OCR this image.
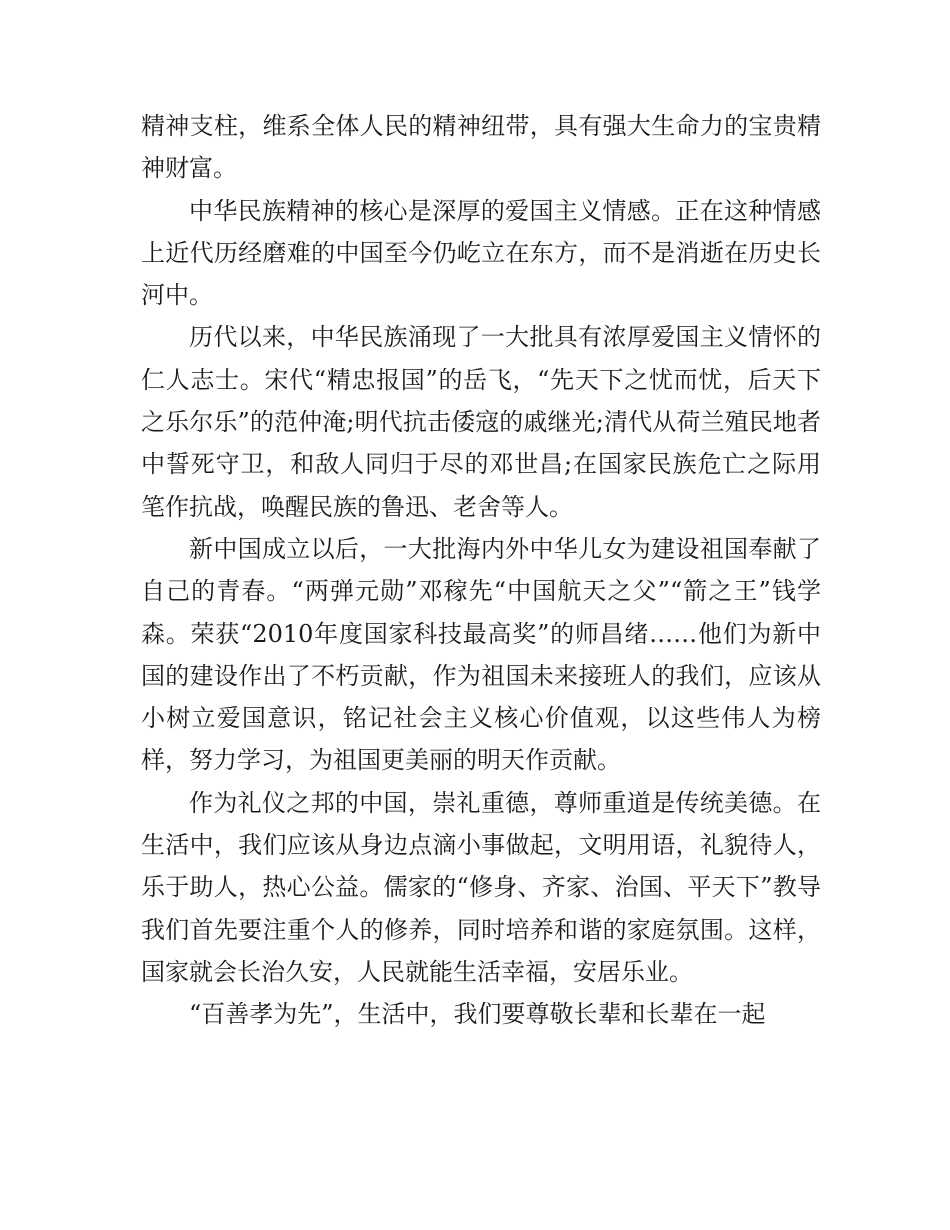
精神支柱，维系全体人民的精神纽带，具有强大生命力的宝贵精神财富。

中华民族精神的核心是深厚的爱国主义情感。正在这种情感上近代历经磨难的中国至今仍屹立在东方，而不是消逝在历史长河中。

历代以来，中华民族涌现了一大批具有浓厚爱国主义情怀的仁人志士。宋代“精忠报国”的岳飞，“先天下之忧而忧，后天下之乐尔乐”的范仲淹;明代抗击倭寇的戚继光;清代从荷兰殖民地者中誓死守卫，和敌人同归于尽的邓世昌;在国家民族危亡之际用笔作抗战，唤醒民族的鲁迅、老舍等人。

新中国成立以后，一大批海内外中华儿女为建设祖国奉献了自己的青春。“两弹元勋”邓稼先“中国航天之父”“箭之王”钱学森。荣获“2010年度国家科技最高奖”的师昌绪……他们为新中国的建设作出了不朽贡献，作为祖国未来接班人的我们，应该从小树立爱国意识，铭记社会主义核心价值观，以这些伟人为榜样，努力学习，为祖国更美丽的明天作贡献。

作为礼仪之邦的中国，崇礼重德，尊师重道是传统美德。在生活中，我们应该从身边点滴小事做起，文明用语，礼貌待人，乐于助人，热心公益。儒家的“修身、齐家、治国、平天下”教导我们首先要注重个人的修养，同时培养和谐的家庭氛围。这样，国家就会长治久安，人民就能生活幸福，安居乐业。

“百善孝为先”，生活中，我们要尊敬长辈和长辈在一起
